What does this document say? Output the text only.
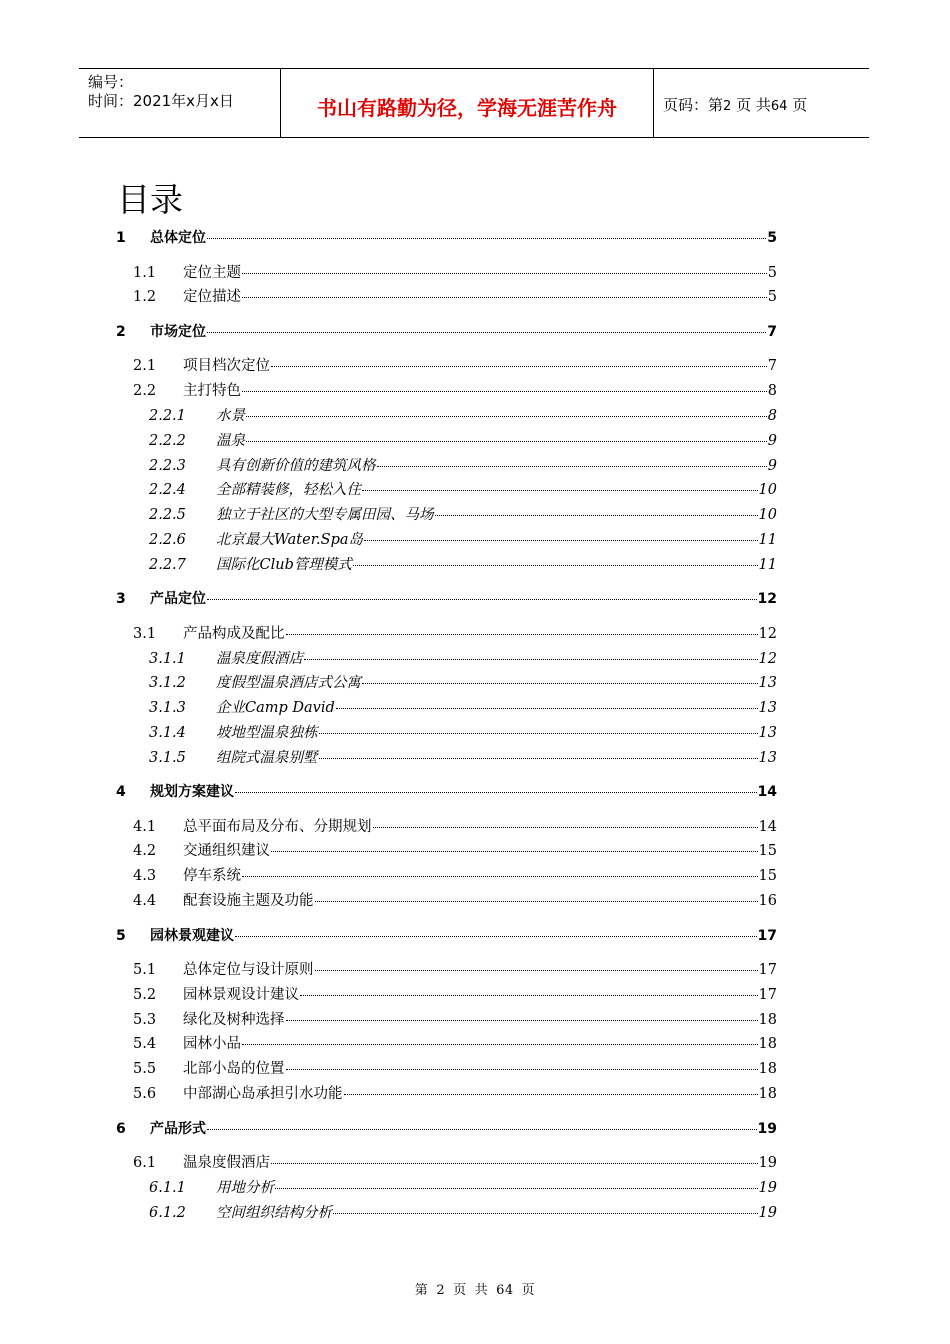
编号：
时间：2021年x月x日	书山有路勤为径，学海无涯苦作舟	页码：第2 页 共64 页
目录
1 总体定位	5
1.1 定位主题	5
1.2 定位描述	5
2 市场定位	7
2.1 项目档次定位	7
2.2 主打特色	8
2.2.1 水景	8
2.2.2 温泉	9
2.2.3 具有创新价值的建筑风格	9
2.2.4 全部精装修，轻松入住	10
2.2.5 独立于社区的大型专属田园、马场	10
2.2.6 北京最大Water.Spa岛	11
2.2.7 国际化Club管理模式	11
3 产品定位	12
3.1 产品构成及配比	12
3.1.1 温泉度假酒店	12
3.1.2 度假型温泉酒店式公寓	13
3.1.3 企业Camp David	13
3.1.4 坡地型温泉独栋	13
3.1.5 组院式温泉别墅	13
4 规划方案建议	14
4.1 总平面布局及分布、分期规划	14
4.2 交通组织建议	15
4.3 停车系统	15
4.4 配套设施主题及功能	16
5 园林景观建议	17
5.1 总体定位与设计原则	17
5.2 园林景观设计建议	17
5.3 绿化及树种选择	18
5.4 园林小品	18
5.5 北部小岛的位置	18
5.6 中部湖心岛承担引水功能	18
6 产品形式	19
6.1 温泉度假酒店	19
6.1.1 用地分析	19
6.1.2 空间组织结构分析	19
第 2 页 共 64 页
